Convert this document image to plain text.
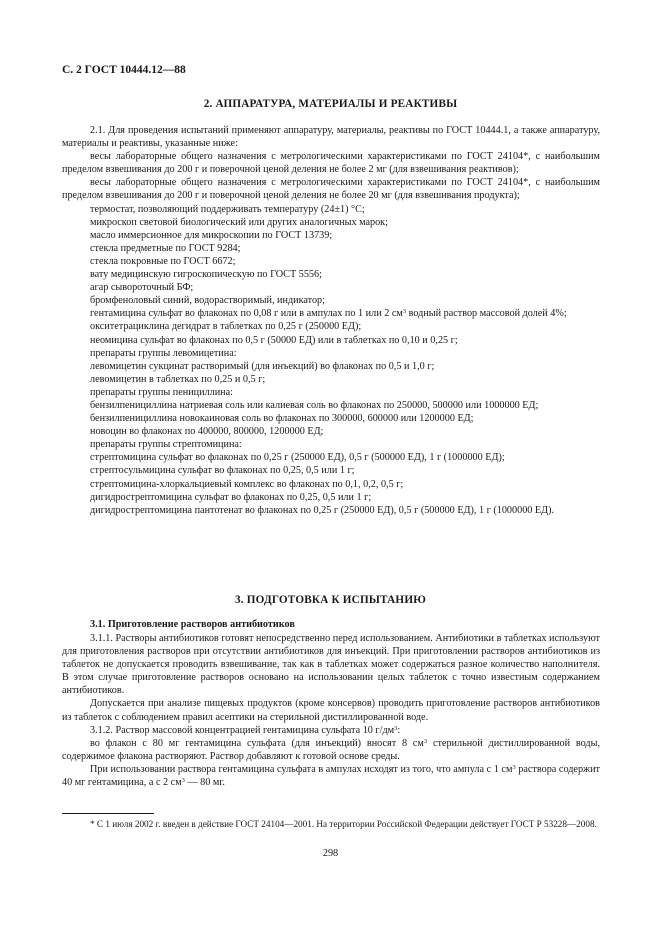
С. 2 ГОСТ 10444.12—88
2. АППАРАТУРА, МАТЕРИАЛЫ И РЕАКТИВЫ

2.1. Для проведения испытаний применяют аппаратуру, материалы, реактивы по ГОСТ 10444.1, а также аппаратуру, материалы и реактивы, указанные ниже:

весы лабораторные общего назначения с метрологическими характеристиками по ГОСТ 24104*, с наибольшим пределом взвешивания до 200 г и поверочной ценой деления не более 2 мг (для взвешивания реактивов);

весы лабораторные общего назначения с метрологическими характеристиками по ГОСТ 24104*, с наибольшим пределом взвешивания до 200 г и поверочной ценой деления не более 20 мг (для взвешивания продукта);

термостат, позволяющий поддерживать температуру (24±1) °С;

микроскоп световой биологический или других аналогичных марок;

масло иммерсионное для микроскопии по ГОСТ 13739;

стекла предметные по ГОСТ 9284;

стекла покровные по ГОСТ 6672;

вату медицинскую гигроскопическую по ГОСТ 5556;

агар сывороточный БФ;

бромфеноловый синий, водорастворимый, индикатор;

гентамицина сульфат во флаконах по 0,08 г или в ампулах по 1 или 2 $см^3$ водный раствор массовой долей 4%;

окситетрациклина дегидрат в таблетках по 0,25 г (250000 ЕД);

неомицина сульфат во флаконах по 0,5 г (50000 ЕД) или в таблетках по 0,10 и 0,25 г;

препараты группы левомицетина:

левомицетин сукцинат растворимый (для инъекций) во флаконах по 0,5 и 1,0 г;

левомицетин в таблетках по 0,25 и 0,5 г;

препараты группы пенициллина:

бензилпенициллина натриевая соль или калиевая соль во флаконах по 250000, 500000 или 1000000 ЕД;

бензилпенициллина новокаиновая соль во флаконах по 300000, 600000 или 1200000 ЕД;

новоцин во флаконах по 400000, 800000, 1200000 ЕД;

препараты группы стрептомицина:

стрептомицина сульфат во флаконах по 0,25 г (250000 ЕД), 0,5 г (500000 ЕД), 1 г (1000000 ЕД);

стрептосульмицина сульфат во флаконах по 0,25, 0,5 или 1 г;

стрептомицина-хлоркальциевый комплекс во флаконах по 0,1, 0,2, 0,5 г;

дигидрострептомицина сульфат во флаконах по 0,25, 0,5 или 1 г;

дигидрострептомицина пантотенат во флаконах по 0,25 г (250000 ЕД), 0,5 г (500000 ЕД), 1 г (1000000 ЕД).

3. ПОДГОТОВКА К ИСПЫТАНИЮ
3.1. Приготовление растворов антибиотиков

3.1.1. Растворы антибиотиков готовят непосредственно перед использованием. Антибиотики в таблетках используют для приготовления растворов при отсутствии антибиотиков для инъекций. При приготовлении растворов антибиотиков из таблеток не допускается проводить взвешивание, так как в таблетках может содержаться разное количество наполнителя. В этом случае приготовление растворов основано на использовании целых таблеток с точно известным содержанием антибиотиков.

Допускается при анализе пищевых продуктов (кроме консервов) проводить приготовление растворов антибиотиков из таблеток с соблюдением правил асептики на стерильной дистиллированной воде.

3.1.2. Раствор массовой концентрацией гентамицина сульфата 10 $г/дм^3$:

во флакон с 80 мг гентамицина сульфата (для инъекций) вносят 8 $см^3$ стерильной дистиллированной воды, содержимое флакона растворяют. Раствор добавляют к готовой основе среды.

При использовании раствора гентамицина сульфата в ампулах исходят из того, что ампула с 1 $см^3$ раствора содержит 40 мг гентамицина, а с 2 $см^3$ — 80 мг.

* С 1 июля 2002 г. введен в действие ГОСТ 24104—2001. На территории Российской Федерации действует ГОСТ Р 53228—2008.

298
